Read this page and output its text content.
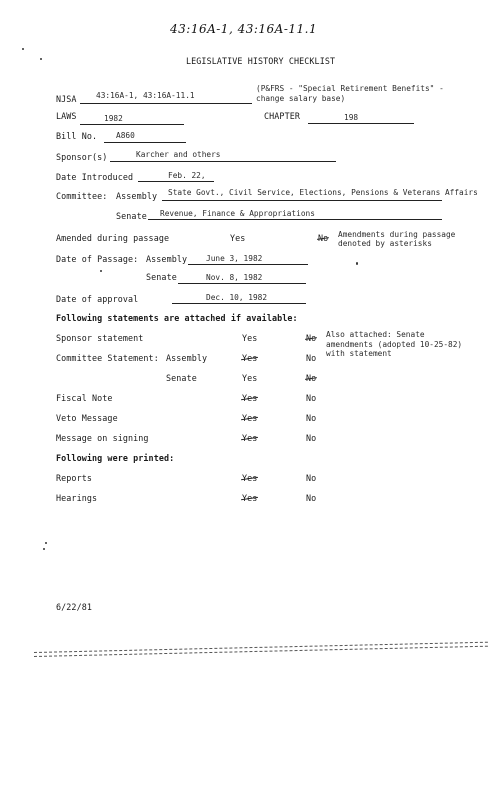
43:16A-1, 43:16A-11.1
LEGISLATIVE HISTORY CHECKLIST
NJSA 43:16A-1, 43:16A-11.1
(P&FRS - "Special Retirement Benefits" - change salary base)
LAWS	1982	CHAPTER	198
Bill No. A860
Sponsor(s)	Karcher and others
Date Introduced	Feb. 22,
Committee: Assembly State Govt., Civil Service, Elections, Pensions & Veterans Affairs
Senate Revenue, Finance & Appropriations
Amended during passage	Yes	No Amendments during passage denoted by asterisks
Date of Passage: Assembly June 3, 1982
Senate	Nov. 8, 1982
Date of approval	Dec. 10, 1982
Following statements are attached if available:
Sponsor statement	Yes	No Also attached: Senate amendments (adopted 10-25-82) with statement
Committee Statement: Assembly	Yes	No
Senate	Yes	No
Fiscal Note	Yes	No
Veto Message	Yes	No
Message on signing	Yes	No
Following were printed:
Reports	Yes	No
Hearings	Yes	No
6/22/81
